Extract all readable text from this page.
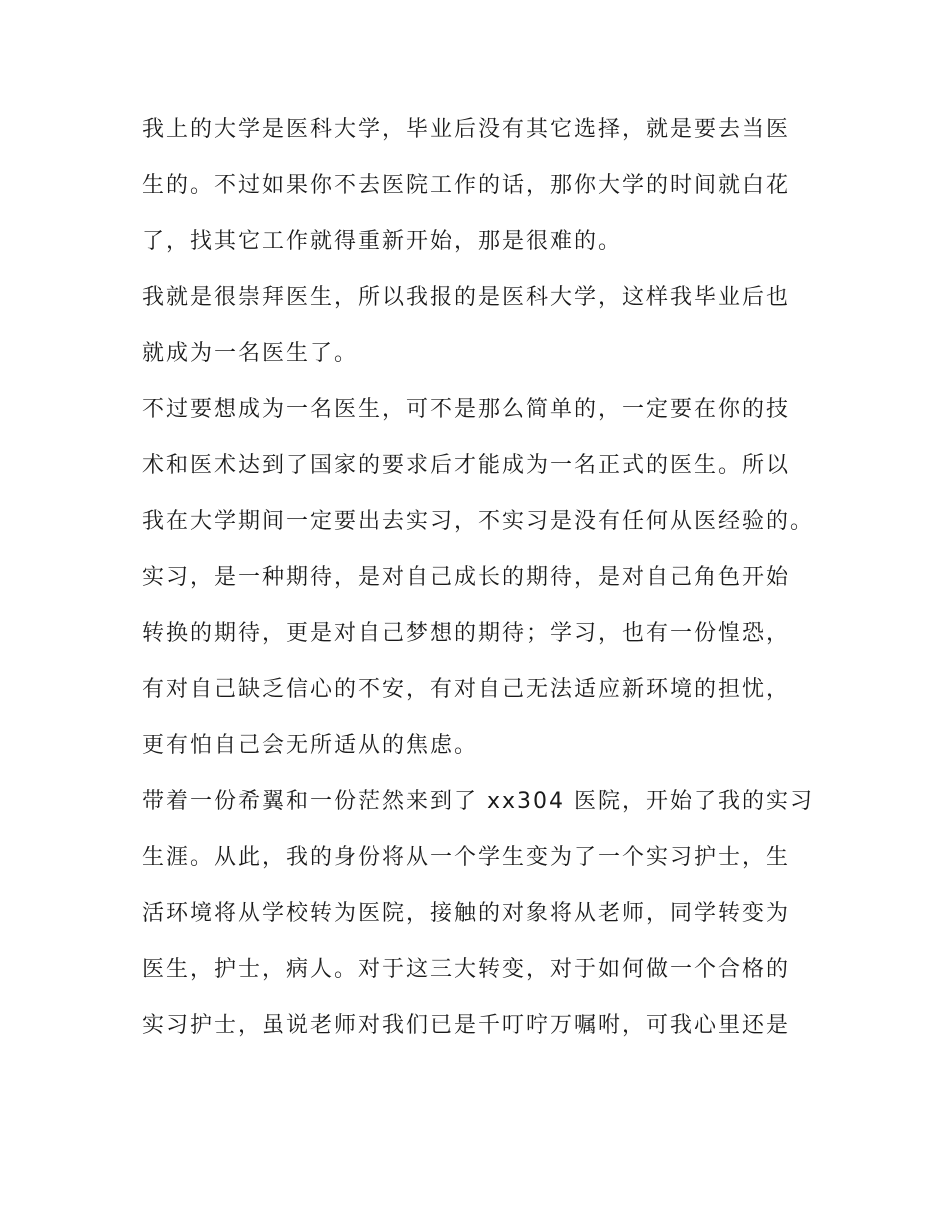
我上的大学是医科大学，毕业后没有其它选择，就是要去当医
生的。不过如果你不去医院工作的话，那你大学的时间就白花
了，找其它工作就得重新开始，那是很难的。
我就是很崇拜医生，所以我报的是医科大学，这样我毕业后也
就成为一名医生了。
不过要想成为一名医生，可不是那么简单的，一定要在你的技
术和医术达到了国家的要求后才能成为一名正式的医生。所以
我在大学期间一定要出去实习，不实习是没有任何从医经验的。
实习，是一种期待，是对自己成长的期待，是对自己角色开始
转换的期待，更是对自己梦想的期待；学习，也有一份惶恐，
有对自己缺乏信心的不安，有对自己无法适应新环境的担忧，
更有怕自己会无所适从的焦虑。
带着一份希翼和一份茫然来到了 xx304 医院，开始了我的实习
生涯。从此，我的身份将从一个学生变为了一个实习护士，生
活环境将从学校转为医院，接触的对象将从老师，同学转变为
医生，护士，病人。对于这三大转变，对于如何做一个合格的
实习护士，虽说老师对我们已是千叮咛万嘱咐，可我心里还是
